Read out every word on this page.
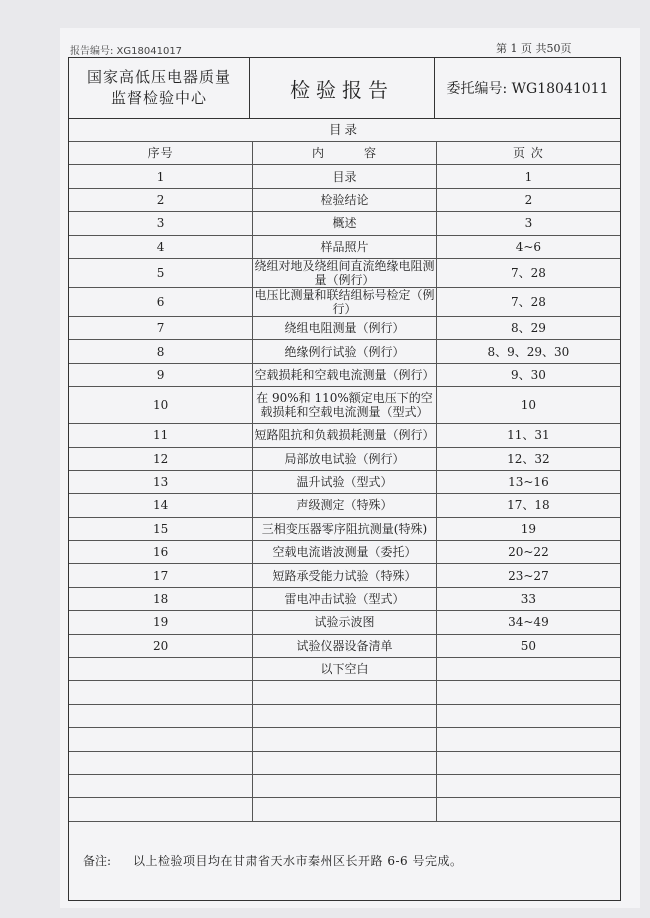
报告编号: XG18041017	第 1 页 共50页
国家高低压电器质量
监督检验中心	检验报告	委托编号: WG18041011
目录		
序号	内　　　容	页 次
1	目录	1
2	检验结论	2
3	概述	3
4	样品照片	4~6
5	绕组对地及绕组间直流绝缘电阻测量（例行）	7、28
6	电压比测量和联结组标号检定（例行）	7、28
7	绕组电阻测量（例行）	8、29
8	绝缘例行试验（例行）	8、9、29、30
9	空载损耗和空载电流测量（例行）	9、30
10	在 90%和 110%额定电压下的空载损耗和空载电流测量（型式）	10
11	短路阻抗和负载损耗测量（例行）	11、31
12	局部放电试验（例行）	12、32
13	温升试验（型式）	13~16
14	声级测定（特殊）	17、18
15	三相变压器零序阻抗测量(特殊)	19
16	空载电流谐波测量（委托）	20~22
17	短路承受能力试验（特殊）	23~27
18	雷电冲击试验（型式）	33
19	试验示波图	34~49
20	试验仪器设备清单	50
	以下空白	

备注: 以上检验项目均在甘肃省天水市秦州区长开路 6-6 号完成。		
